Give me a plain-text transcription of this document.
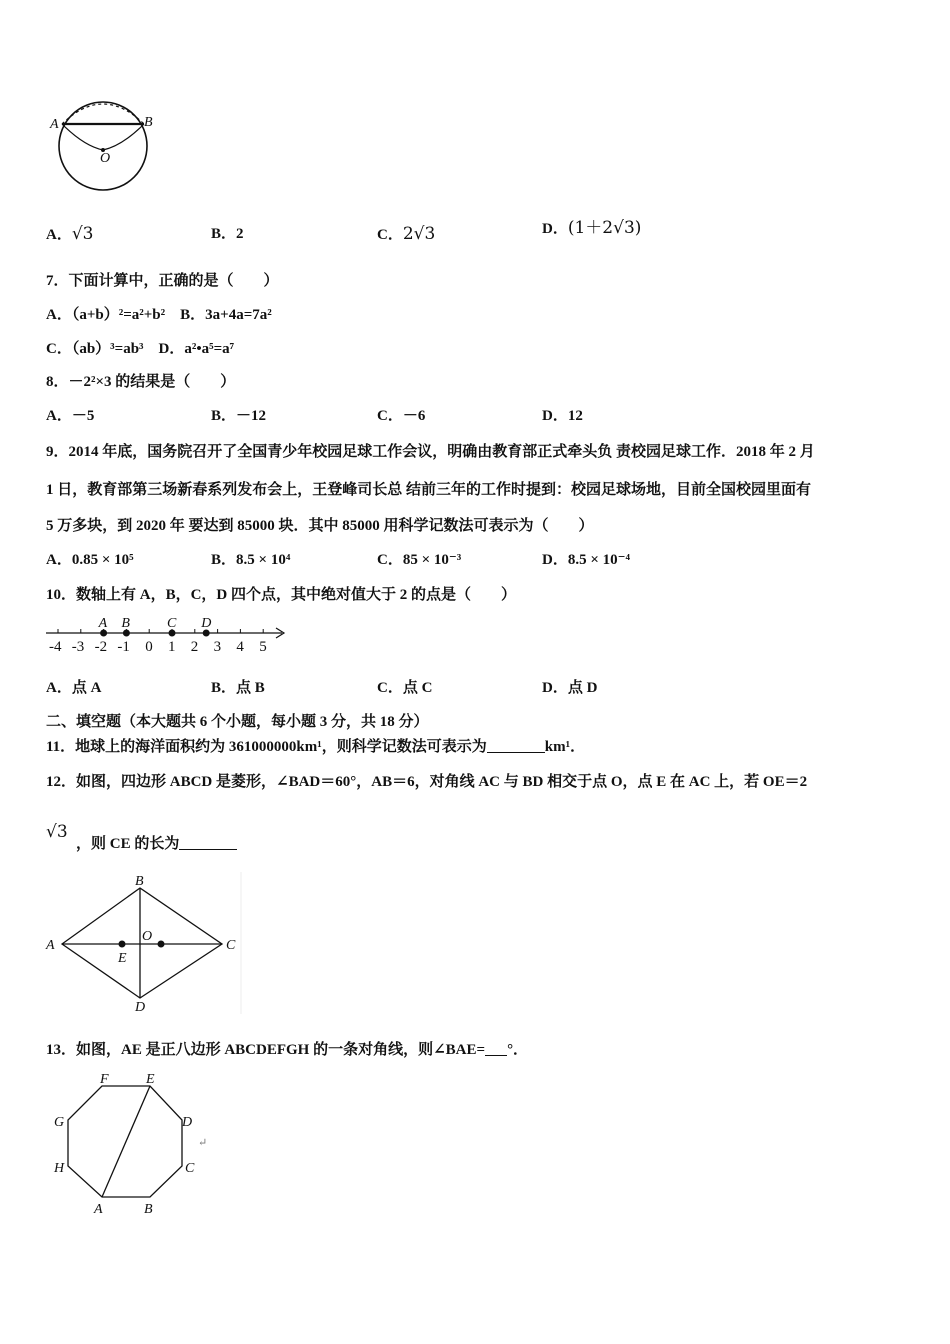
A	B
O
A．√3	B．2	C．2√3	D．(1＋2√3)
7．下面计算中，正确的是（　　）
A．（a+b）²=a²+b²　B．3a+4a=7a²
C．（ab）³=ab³　D．a²•a⁵=a⁷
8．－2²×3 的结果是（　　）
A．－5	B．－12	C．－6	D．12
9．2014 年底，国务院召开了全国青少年校园足球工作会议，明确由教育部正式牵头负 责校园足球工作．2018 年 2 月
1 日，教育部第三场新春系列发布会上，王登峰司长总 结前三年的工作时提到：校园足球场地，目前全国校园里面有
5 万多块，到 2020 年 要达到 85000 块．其中 85000 用科学记数法可表示为（　　）
A．0.85 × 10⁵	B．8.5 × 10⁴	C．85 × 10⁻³	D．8.5 × 10⁻⁴
10．数轴上有 A，B，C，D 四个点，其中绝对值大于 2 的点是（　　）
-4 -3 -2 -1 0 1 2 3 4 5
A B	C D
A．点 A	B．点 B	C．点 C	D．点 D
二、填空题（本大题共 6 个小题，每小题 3 分，共 18 分）
11．地球上的海洋面积约为 361000000km¹，则科学记数法可表示为	km¹．
12．如图，四边形 ABCD 是菱形，∠BAD＝60°，AB＝6，对角线 AC 与 BD 相交于点 O，点 E 在 AC 上，若 OE＝2
√3
，则 CE 的长为
A
B
C
D
O
E
13．如图，AE 是正八边形 ABCDEFGH 的一条对角线，则∠BAE= °．
A	B
C
D
E
F
G
H
↵
